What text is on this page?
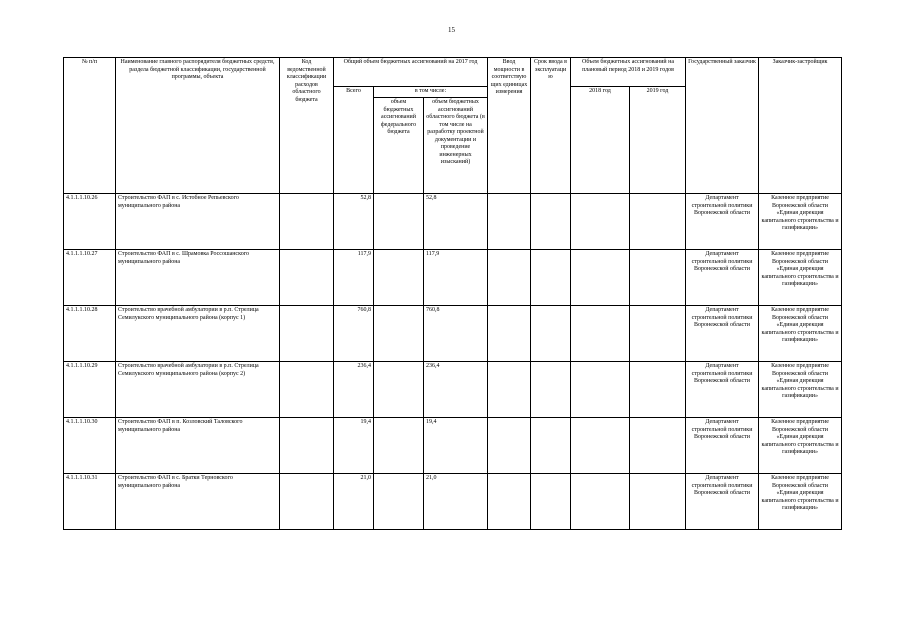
15
№ п/п	Наименование главного распорядителя бюджетных средств, раздела бюджетной классификации, государственной программы, объекта	Код ведомственной классификации расходов областного бюджета	Общий объем бюджетных ассигнований на 2017 год			Ввод мощности в соответствующих единицах измерения	Срок ввода в эксплуатацию	Объем бюджетных ассигнований на плановый период 2018 и 2019 годов		Государственный заказчик	Заказчик-застройщик
			Всего	в том числе:				2018 год	2019 год		
				объем бюджетных ассигнований федерального бюджета	объем бюджетных ассигнований областного бюджета (в том числе на разработку проектной документации и проведение инженерных изысканий)						
4.1.1.1.10.26	Строительство ФАП в с. Истобное Репьевского муниципального района		52,8		52,8					Департамент строительной политики Воронежской области	Казенное предприятие Воронежской области «Единая дирекция капитального строительства и газификации»
4.1.1.1.10.27	Строительство ФАП в с. Шрамовка Россошанского муниципального района		117,9		117,9					Департамент строительной политики Воронежской области	Казенное предприятие Воронежской области «Единая дирекция капитального строительства и газификации»
4.1.1.1.10.28	Строительство врачебной амбулатории в р.п. Стрелица Семилукского муниципального района (корпус 1)		760,8		760,8					Департамент строительной политики Воронежской области	Казенное предприятие Воронежской области «Единая дирекция капитального строительства и газификации»
4.1.1.1.10.29	Строительство врачебной амбулатории в р.п. Стрелица Семилукского муниципального района (корпус 2)		236,4		236,4					Департамент строительной политики Воронежской области	Казенное предприятие Воронежской области «Единая дирекция капитального строительства и газификации»
4.1.1.1.10.30	Строительство ФАП в п. Козловский Таловского муниципального района		19,4		19,4					Департамент строительной политики Воронежской области	Казенное предприятие Воронежской области «Единая дирекция капитального строительства и газификации»
4.1.1.1.10.31	Строительство ФАП в с. Братки Терновского муниципального района		21,0		21,0					Департамент строительной политики Воронежской области	Казенное предприятие Воронежской области «Единая дирекция капитального строительства и газификации»
